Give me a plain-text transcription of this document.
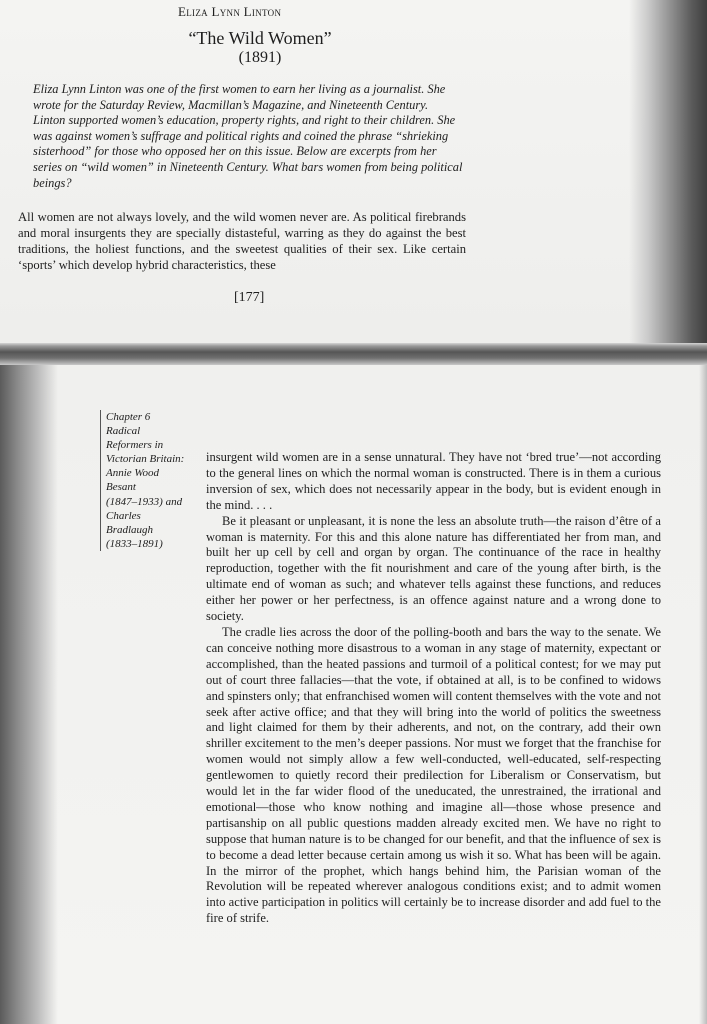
Eliza Lynn Linton
“The Wild Women”
(1891)

Eliza Lynn Linton was one of the first women to earn her living as a journalist. She wrote for the Saturday Review, Macmillan’s Magazine, and Nineteenth Century. Linton supported women’s education, property rights, and right to their children. She was against women’s suffrage and political rights and coined the phrase “shrieking sisterhood” for those who opposed her on this issue. Below are excerpts from her series on “wild women” in Nineteenth Century. What bars women from being political beings?

All women are not always lovely, and the wild women never are. As political firebrands and moral insurgents they are specially distasteful, warring as they do against the best traditions, the holiest functions, and the sweetest qualities of their sex. Like certain ‘sports’ which develop hybrid characteristics, these

[177]
Chapter 6
Radical
Reformers in
Victorian Britain:
Annie Wood
Besant
(1847–1933) and
Charles
Bradlaugh
(1833–1891)

insurgent wild women are in a sense unnatural. They have not ‘bred true’—not according to the general lines on which the normal woman is constructed. There is in them a curious inversion of sex, which does not necessarily appear in the body, but is evident enough in the mind. . . .

Be it pleasant or unpleasant, it is none the less an absolute truth—the raison d’être of a woman is maternity. For this and this alone nature has differentiated her from man, and built her up cell by cell and organ by organ. The continuance of the race in healthy reproduction, together with the fit nourishment and care of the young after birth, is the ultimate end of woman as such; and whatever tells against these functions, and reduces either her power or her perfectness, is an offence against nature and a wrong done to society.

The cradle lies across the door of the polling-booth and bars the way to the senate. We can conceive nothing more disastrous to a woman in any stage of maternity, expectant or accomplished, than the heated passions and turmoil of a political contest; for we may put out of court three fallacies—that the vote, if obtained at all, is to be confined to widows and spinsters only; that enfranchised women will content themselves with the vote and not seek after active office; and that they will bring into the world of politics the sweetness and light claimed for them by their adherents, and not, on the contrary, add their own shriller excitement to the men’s deeper passions. Nor must we forget that the franchise for women would not simply allow a few well-conducted, well-educated, self-respecting gentlewomen to quietly record their predilection for Liberalism or Conservatism, but would let in the far wider flood of the uneducated, the unrestrained, the irrational and emotional—those who know nothing and imagine all—those whose presence and partisanship on all public questions madden already excited men. We have no right to suppose that human nature is to be changed for our benefit, and that the influence of sex is to become a dead letter because certain among us wish it so. What has been will be again. In the mirror of the prophet, which hangs behind him, the Parisian woman of the Revolution will be repeated wherever analogous conditions exist; and to admit women into active participation in politics will certainly be to increase disorder and add fuel to the fire of strife.
